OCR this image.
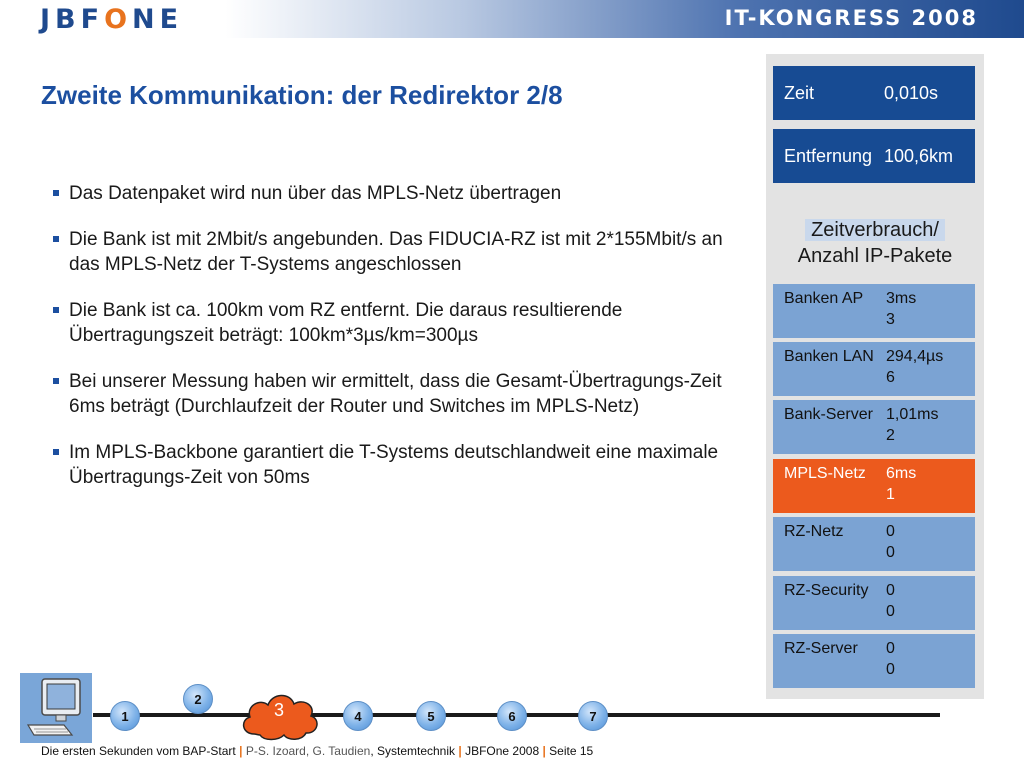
JBFONE	IT-KONGRESS 2008
Zweite Kommunikation: der Redirektor 2/8
Das Datenpaket wird nun über das MPLS-Netz übertragen
Die Bank ist mit 2Mbit/s angebunden. Das FIDUCIA-RZ ist mit 2*155Mbit/s an das MPLS-Netz der T-Systems angeschlossen
Die Bank ist ca. 100km vom RZ entfernt. Die daraus resultierende Übertragungszeit beträgt: 100km*3µs/km=300µs
Bei unserer Messung haben wir ermittelt, dass die Gesamt-Übertragungs-Zeit 6ms beträgt (Durchlaufzeit der Router und Switches im MPLS-Netz)
Im MPLS-Backbone garantiert die T-Systems deutschlandweit eine maximale Übertragungs-Zeit von 50ms
Zeit	0,010s
Entfernung 100,6km
Zeitverbrauch/
Anzahl IP-Pakete
Banken AP	3ms
3
Banken LAN 294,4µs
6
Bank-Server 1,01ms
2
MPLS-Netz	6ms
1
RZ-Netz	0
0
RZ-Security	0
0
RZ-Server	0
0
1
2
3	4	5	6	7
Die ersten Sekunden vom BAP-Start | P-S. Izoard, G. Taudien, Systemtechnik | JBFOne 2008 | Seite 15
